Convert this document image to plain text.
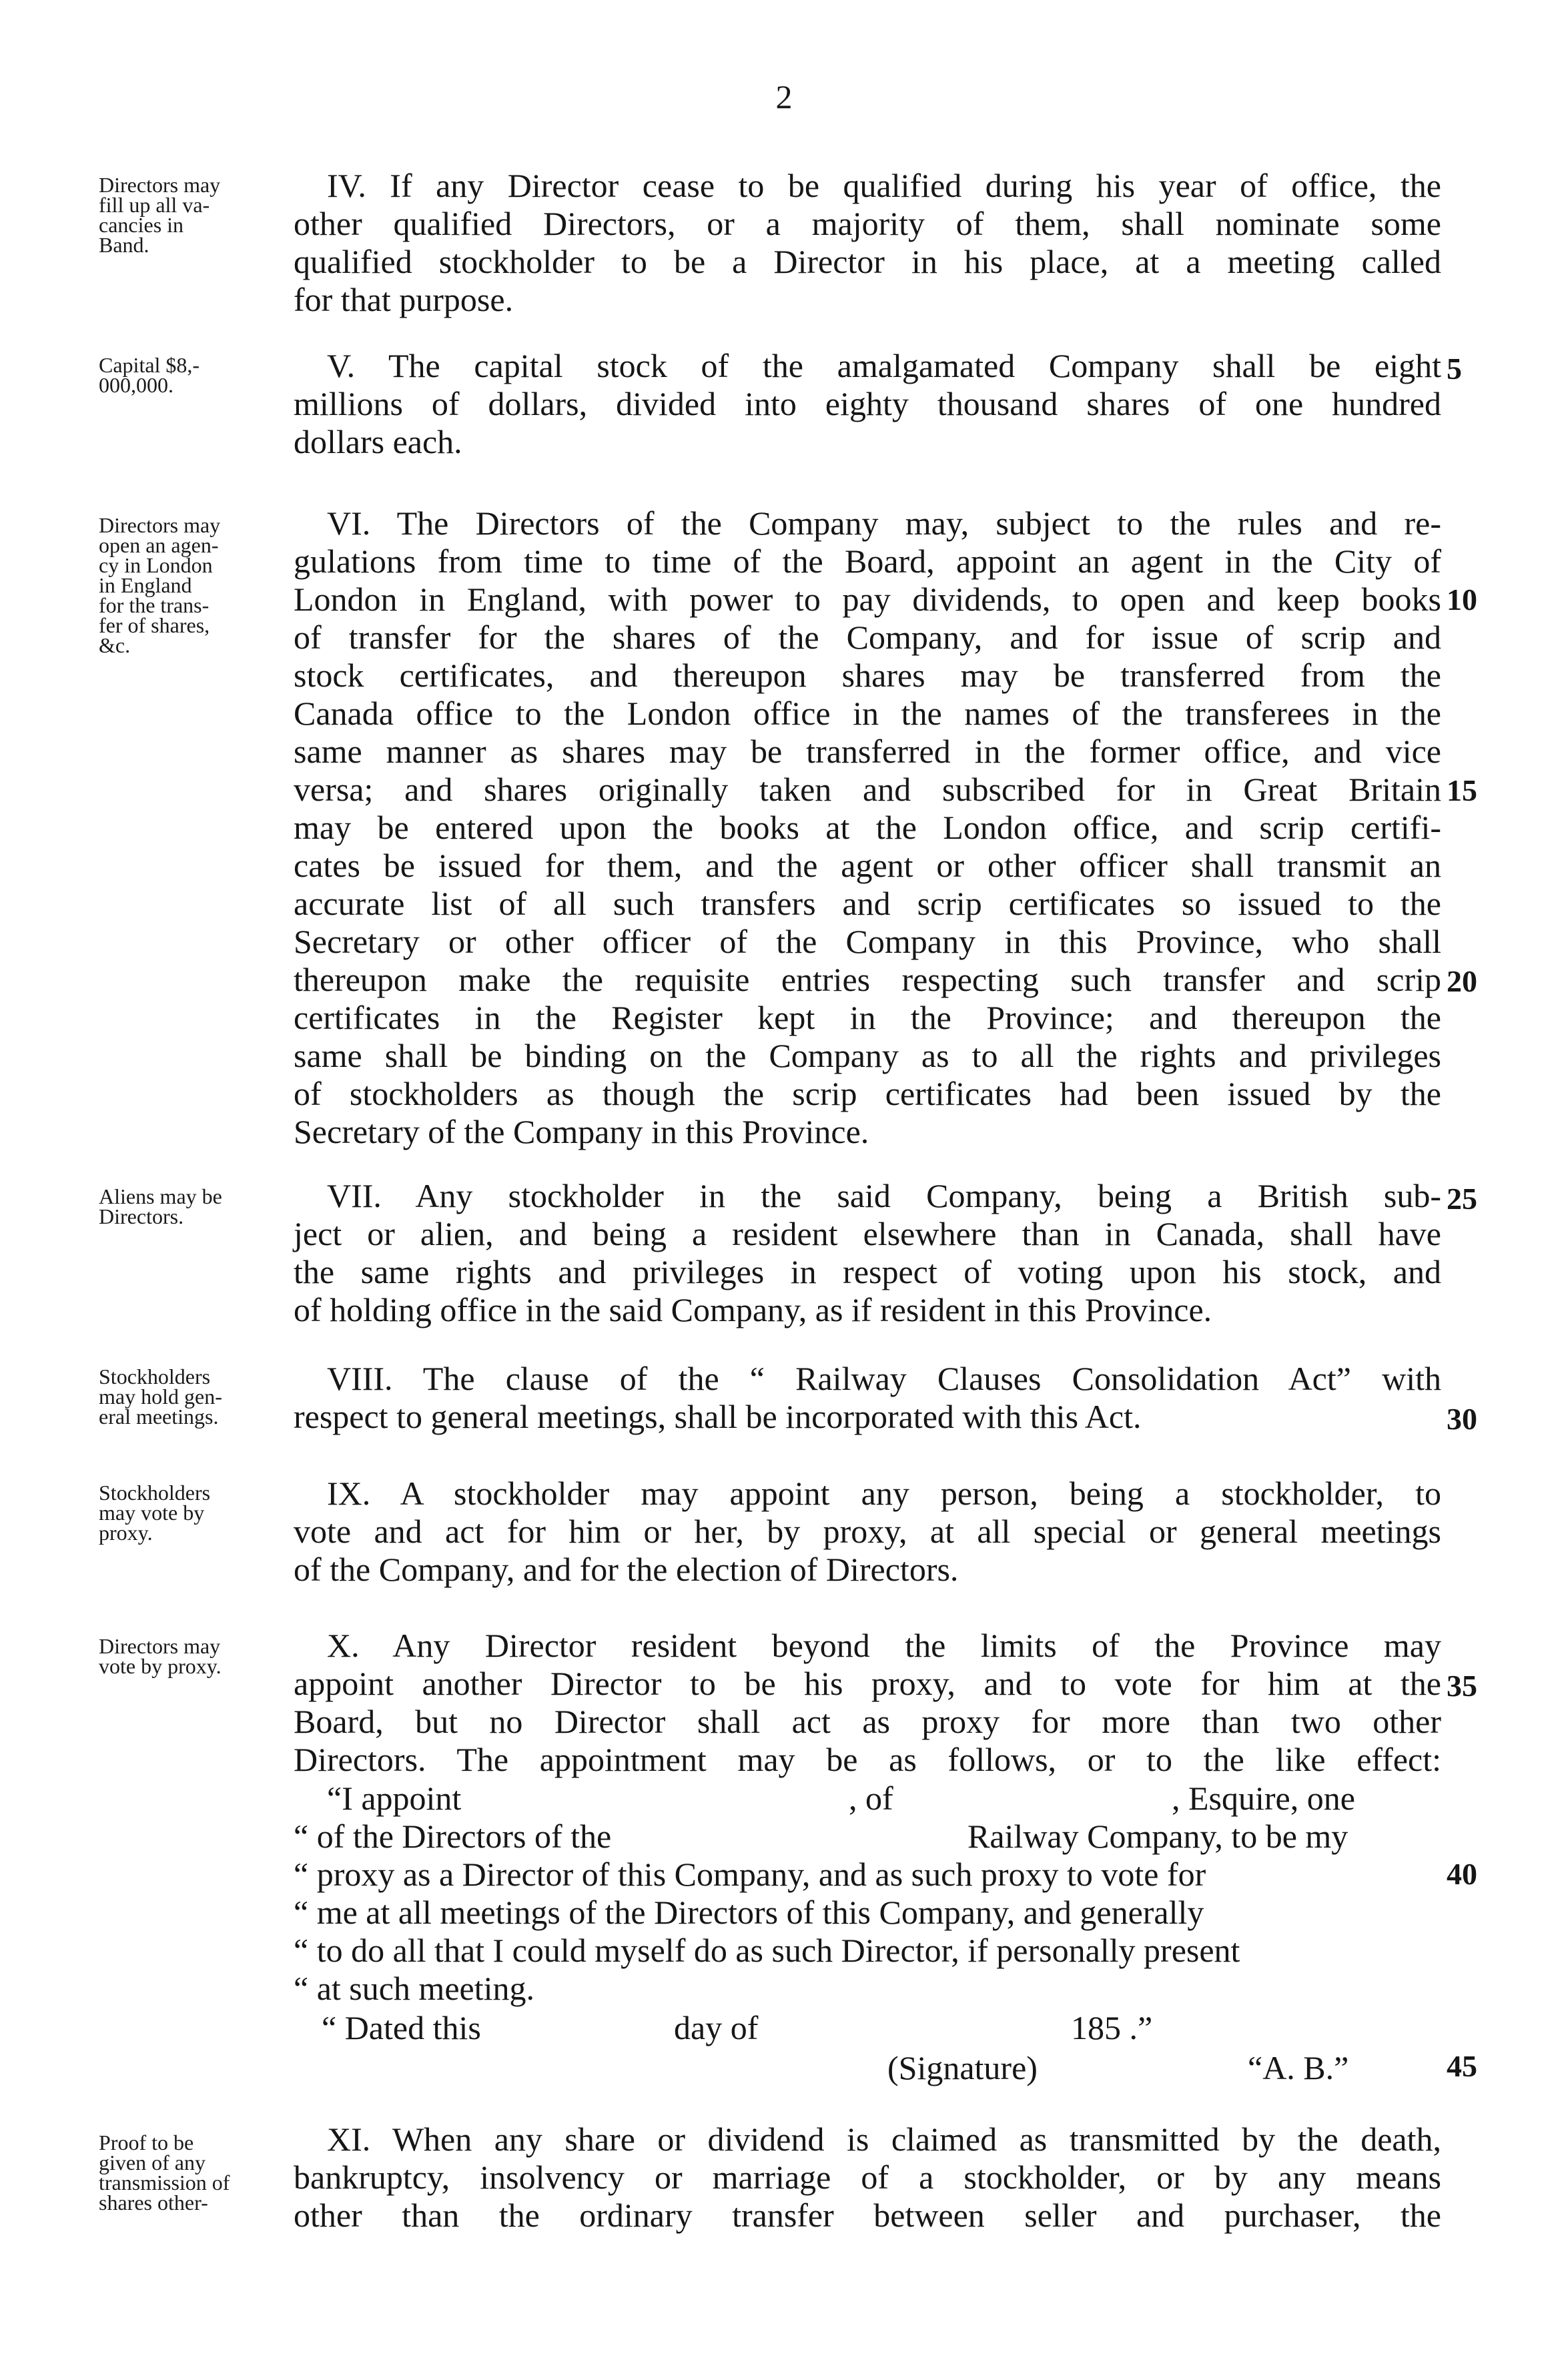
2
Directors may
fill up all va-
cancies in
Band.
IV. If any Director cease to be qualified during his year of office, the
other qualified Directors, or a majority of them, shall nominate some
qualified stockholder to be a Director in his place, at a meeting called
for that purpose.
Capital $8,-
000,000.
V. The capital stock of the amalgamated Company shall be eight
millions of dollars, divided into eighty thousand shares of one hundred
dollars each.
Directors may
open an agen-
cy in London
in England
for the trans-
fer of shares,
&c.
VI. The Directors of the Company may, subject to the rules and re-
gulations from time to time of the Board, appoint an agent in the City of
London in England, with power to pay dividends, to open and keep books
of transfer for the shares of the Company, and for issue of scrip and
stock certificates, and thereupon shares may be transferred from the
Canada office to the London office in the names of the transferees in the
same manner as shares may be transferred in the former office, and vice
versa; and shares originally taken and subscribed for in Great Britain
may be entered upon the books at the London office, and scrip certifi-
cates be issued for them, and the agent or other officer shall transmit an
accurate list of all such transfers and scrip certificates so issued to the
Secretary or other officer of the Company in this Province, who shall
thereupon make the requisite entries respecting such transfer and scrip
certificates in the Register kept in the Province; and thereupon the
same shall be binding on the Company as to all the rights and privileges
of stockholders as though the scrip certificates had been issued by the
Secretary of the Company in this Province.
Aliens may be
Directors.
VII. Any stockholder in the said Company, being a British sub-
ject or alien, and being a resident elsewhere than in Canada, shall have
the same rights and privileges in respect of voting upon his stock, and
of holding office in the said Company, as if resident in this Province.
Stockholders
may hold gen-
eral meetings.
VIII. The clause of the “ Railway Clauses Consolidation Act” with
respect to general meetings, shall be incorporated with this Act.
Stockholders
may vote by
proxy.
IX. A stockholder may appoint any person, being a stockholder, to
vote and act for him or her, by proxy, at all special or general meetings
of the Company, and for the election of Directors.
Directors may
vote by proxy.
X. Any Director resident beyond the limits of the Province may
appoint another Director to be his proxy, and to vote for him at the
Board, but no Director shall act as proxy for more than two other
Directors. The appointment may be as follows, or to the like effect:
“I appoint	, of	, Esquire, one
“ of the Directors of the	Railway Company, to be my
“ proxy as a Director of this Company, and as such proxy to vote for
“ me at all meetings of the Directors of this Company, and generally
“ to do all that I could myself do as such Director, if personally present
“ at such meeting.
“ Dated this	day of	185 .”
(Signature)	“A. B.”
Proof to be
given of any
transmission of
shares other-
XI. When any share or dividend is claimed as transmitted by the death,
bankruptcy, insolvency or marriage of a stockholder, or by any means
other than the ordinary transfer between seller and purchaser, the
5
10
15
20
25
30
35
40
45
